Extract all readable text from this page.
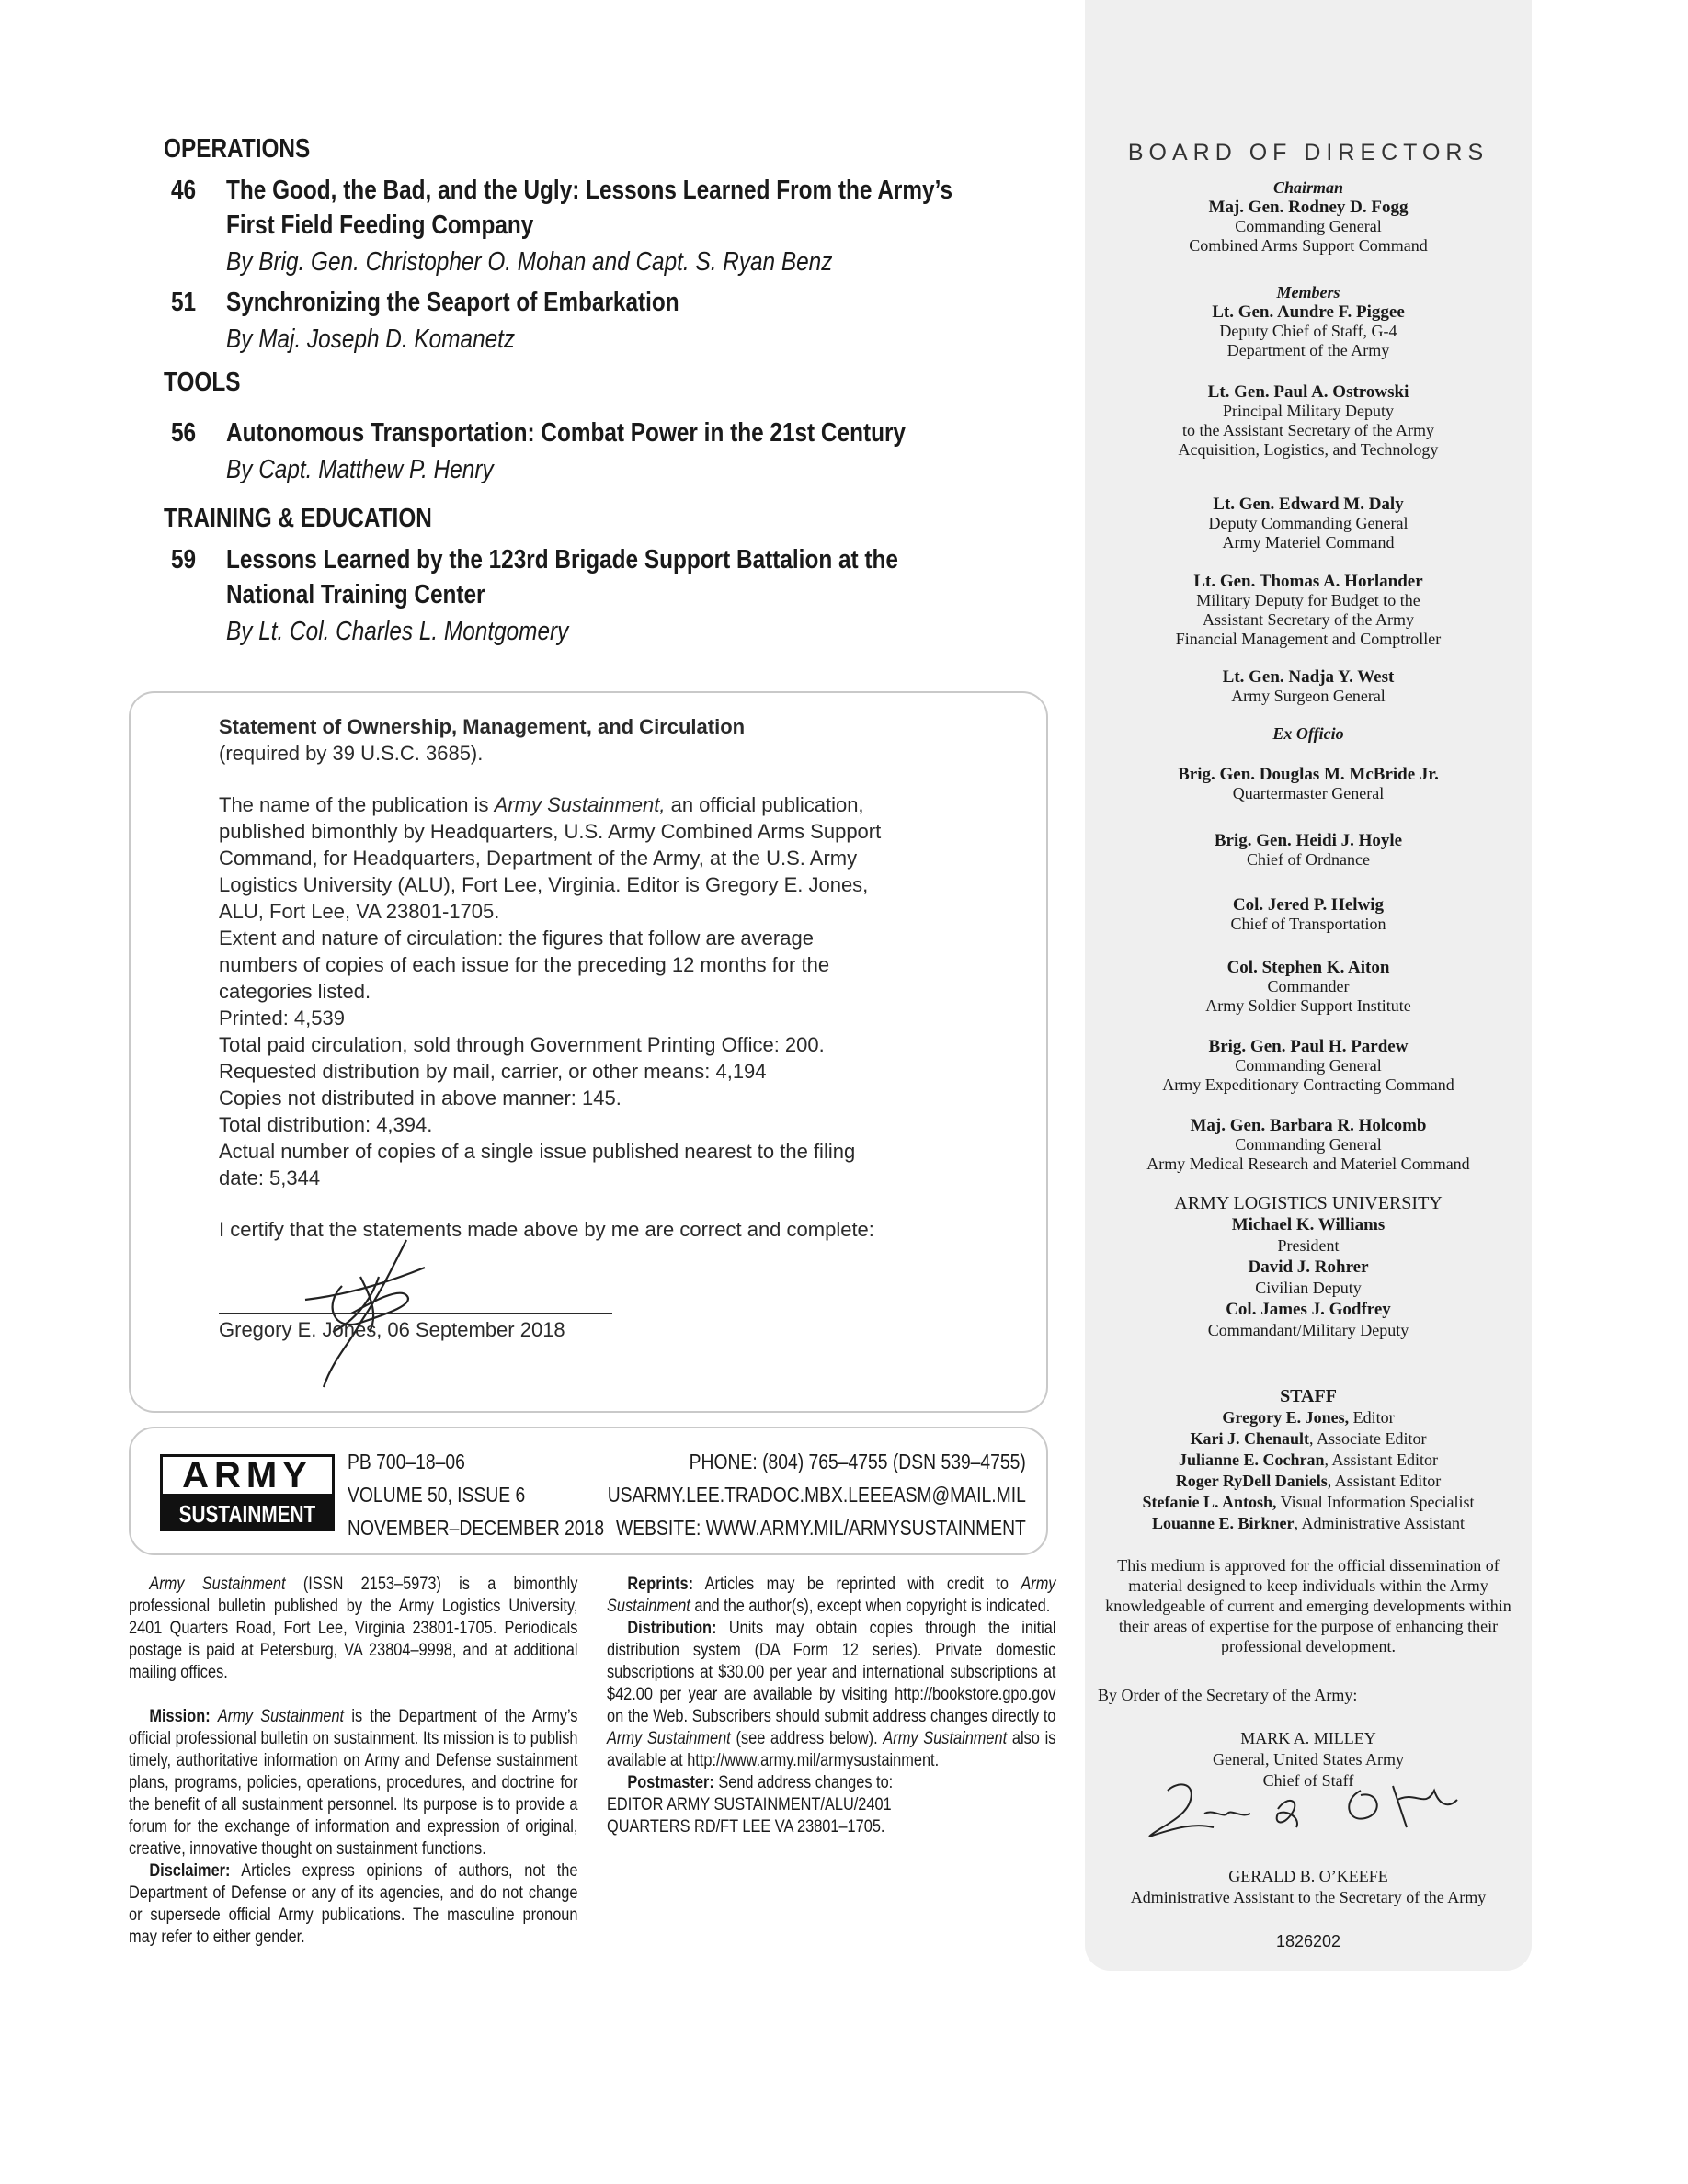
OPERATIONS
46 The Good, the Bad, and the Ugly: Lessons Learned From the Army’s
First Field Feeding Company
By Brig. Gen. Christopher O. Mohan and Capt. S. Ryan Benz
51 Synchronizing the Seaport of Embarkation
By Maj. Joseph D. Komanetz
TOOLS
56 Autonomous Transportation: Combat Power in the 21st Century
By Capt. Matthew P. Henry
TRAINING & EDUCATION
59 Lessons Learned by the 123rd Brigade Support Battalion at the
National Training Center
By Lt. Col. Charles L. Montgomery
Statement of Ownership, Management, and Circulation
(required by 39 U.S.C. 3685).
The name of the publication is Army Sustainment, an official publication,
published bimonthly by Headquarters, U.S. Army Combined Arms Support
Command, for Headquarters, Department of the Army, at the U.S. Army
Logistics University (ALU), Fort Lee, Virginia. Editor is Gregory E. Jones,
ALU, Fort Lee, VA 23801-1705.
Extent and nature of circulation: the figures that follow are average
numbers of copies of each issue for the preceding 12 months for the
categories listed.
Printed: 4,539
Total paid circulation, sold through Government Printing Office: 200.
Requested distribution by mail, carrier, or other means: 4,194
Copies not distributed in above manner: 145.
Total distribution: 4,394.
Actual number of copies of a single issue published nearest to the filing
date: 5,344
I certify that the statements made above by me are correct and complete:
Gregory E. Jones, 06 September 2018
ARMY
SUSTAINMENT
PB 700–18–06
VOLUME 50, ISSUE 6
NOVEMBER–DECEMBER 2018
PHONE: (804) 765–4755 (DSN 539–4755)
USARMY.LEE.TRADOC.MBX.LEEEASM@MAIL.MIL
WEBSITE: WWW.ARMY.MIL/ARMYSUSTAINMENT

Army Sustainment (ISSN 2153–5973) is a bimonthly professional bulletin published by the Army Logistics University, 2401 Quarters Road, Fort Lee, Virginia 23801-1705. Periodicals postage is paid at Petersburg, VA 23804–9998, and at additional mailing offices.

Mission: Army Sustainment is the Department of the Army’s official professional bulletin on sustainment. Its mission is to publish timely, authoritative information on Army and Defense sustainment plans, programs, policies, operations, procedures, and doctrine for the benefit of all sustainment personnel. Its purpose is to provide a forum for the exchange of information and expression of original, creative, innovative thought on sustainment functions.

Disclaimer: Articles express opinions of authors, not the Department of Defense or any of its agencies, and do not change or supersede official Army publications. The masculine pronoun may refer to either gender.

Reprints: Articles may be reprinted with credit to Army Sustainment and the author(s), except when copyright is indicated.

Distribution: Units may obtain copies through the initial distribution system (DA Form 12 series). Private domestic subscriptions at $30.00 per year and international subscriptions at $42.00 per year are available by visiting http://bookstore.gpo.gov on the Web. Subscribers should submit address changes directly to Army Sustainment (see address below). Army Sustainment also is available at http://www.army.mil/armysustainment.

Postmaster: Send address changes to:

EDITOR ARMY SUSTAINMENT/ALU/2401

QUARTERS RD/FT LEE VA 23801–1705.

BOARD OF DIRECTORS
Chairman
Maj. Gen. Rodney D. Fogg
Commanding General
Combined Arms Support Command
Members
Lt. Gen. Aundre F. Piggee
Deputy Chief of Staff, G-4
Department of the Army
Lt. Gen. Paul A. Ostrowski
Principal Military Deputy
to the Assistant Secretary of the Army
Acquisition, Logistics, and Technology
Lt. Gen. Edward M. Daly
Deputy Commanding General
Army Materiel Command
Lt. Gen. Thomas A. Horlander
Military Deputy for Budget to the
Assistant Secretary of the Army
Financial Management and Comptroller
Lt. Gen. Nadja Y. West
Army Surgeon General
Ex Officio
Brig. Gen. Douglas M. McBride Jr.
Quartermaster General
Brig. Gen. Heidi J. Hoyle
Chief of Ordnance
Col. Jered P. Helwig
Chief of Transportation
Col. Stephen K. Aiton
Commander
Army Soldier Support Institute
Brig. Gen. Paul H. Pardew
Commanding General
Army Expeditionary Contracting Command
Maj. Gen. Barbara R. Holcomb
Commanding General
Army Medical Research and Materiel Command
ARMY LOGISTICS UNIVERSITY
Michael K. Williams
President
David J. Rohrer
Civilian Deputy
Col. James J. Godfrey
Commandant/Military Deputy
STAFF
Gregory E. Jones, Editor
Kari J. Chenault, Associate Editor
Julianne E. Cochran, Assistant Editor
Roger RyDell Daniels, Assistant Editor
Stefanie L. Antosh, Visual Information Specialist
Louanne E. Birkner, Administrative Assistant
This medium is approved for the official dissemination of material designed to keep individuals within the Army knowledgeable of current and emerging developments within their areas of expertise for the purpose of enhancing their professional development.
By Order of the Secretary of the Army:
MARK A. MILLEY
General, United States Army
Chief of Staff
GERALD B. O’KEEFE
Administrative Assistant to the Secretary of the Army
1826202
